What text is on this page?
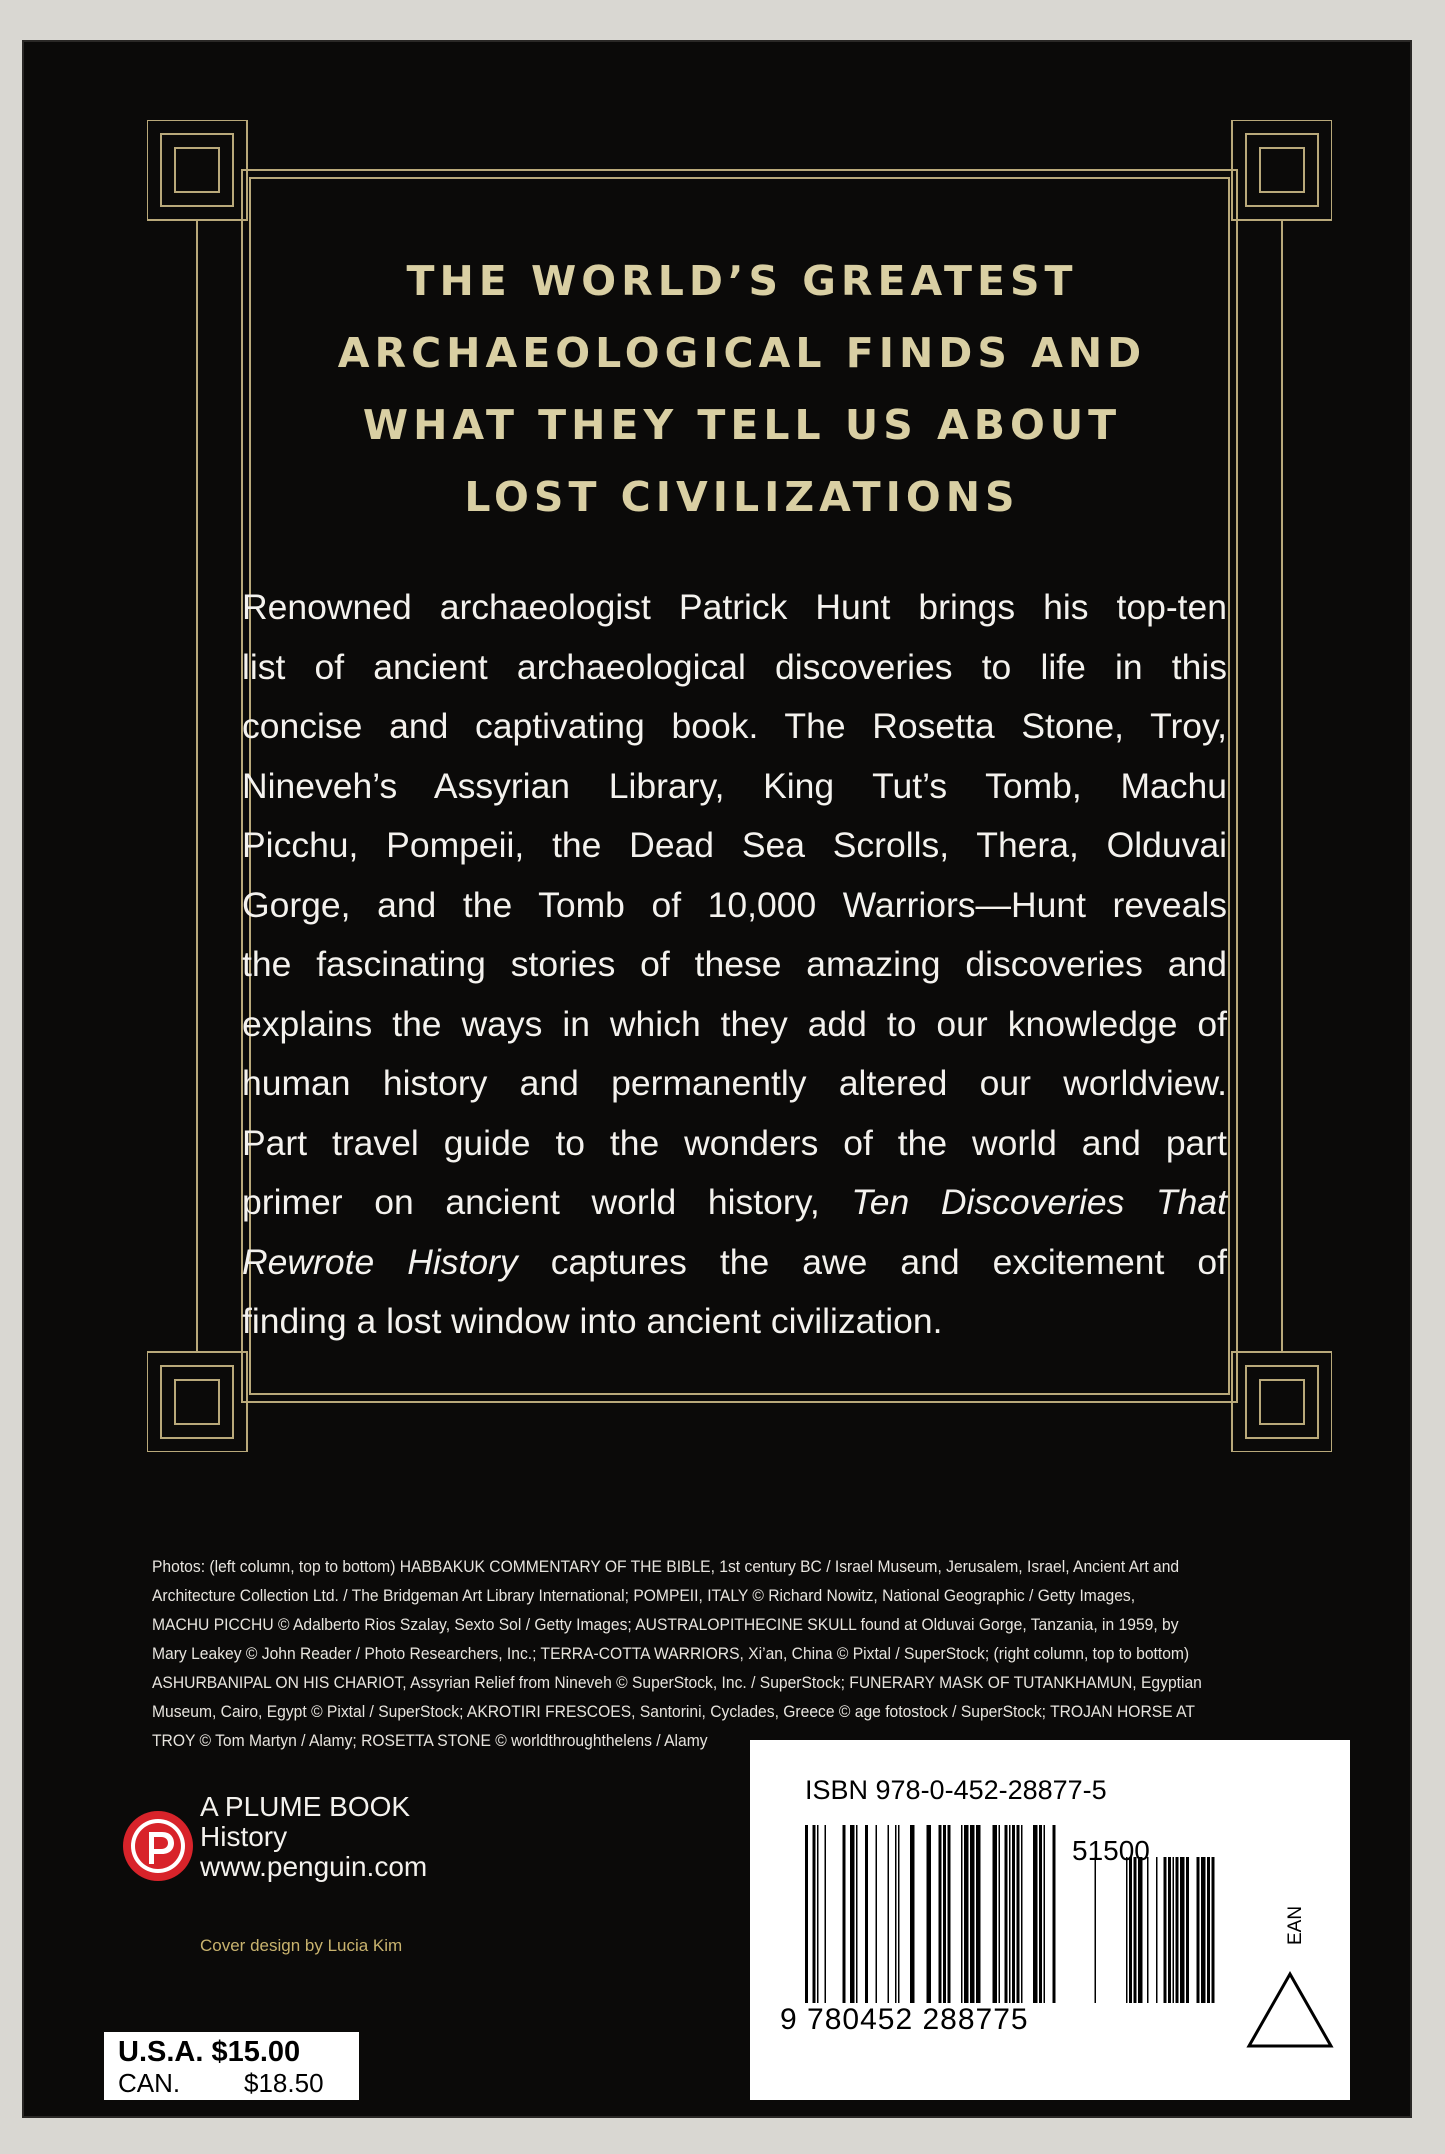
THE WORLD’S GREATEST
ARCHAEOLOGICAL FINDS AND
WHAT THEY TELL US ABOUT
LOST CIVILIZATIONS
Renowned archaeologist Patrick Hunt brings his top-ten
list of ancient archaeological discoveries to life in this
concise and captivating book. The Rosetta Stone, Troy,
Nineveh’s Assyrian Library, King Tut’s Tomb, Machu
Picchu, Pompeii, the Dead Sea Scrolls, Thera, Olduvai
Gorge, and the Tomb of 10,000 Warriors—Hunt reveals
the fascinating stories of these amazing discoveries and
explains the ways in which they add to our knowledge of
human history and permanently altered our worldview.
Part travel guide to the wonders of the world and part
primer on ancient world history, Ten Discoveries That
Rewrote History captures the awe and excitement of
finding a lost window into ancient civilization.
Photos: (left column, top to bottom) HABBAKUK COMMENTARY OF THE BIBLE, 1st century BC / Israel Museum, Jerusalem, Israel, Ancient Art and
Architecture Collection Ltd. / The Bridgeman Art Library International; POMPEII, ITALY © Richard Nowitz, National Geographic / Getty Images,
MACHU PICCHU © Adalberto Rios Szalay, Sexto Sol / Getty Images; AUSTRALOPITHECINE SKULL found at Olduvai Gorge, Tanzania, in 1959, by
Mary Leakey © John Reader / Photo Researchers, Inc.; TERRA-COTTA WARRIORS, Xi’an, China © Pixtal / SuperStock; (right column, top to bottom)
ASHURBANIPAL ON HIS CHARIOT, Assyrian Relief from Nineveh © SuperStock, Inc. / SuperStock; FUNERARY MASK OF TUTANKHAMUN, Egyptian
Museum, Cairo, Egypt © Pixtal / SuperStock; AKROTIRI FRESCOES, Santorini, Cyclades, Greece © age fotostock / SuperStock; TROJAN HORSE AT
TROY © Tom Martyn / Alamy; ROSETTA STONE © worldthroughthelens / Alamy
A PLUME BOOK
History
www.penguin.com
Cover design by Lucia Kim
U.S.A. $15.00
CAN. $18.50
ISBN 978-0-452-28877-5
51500
9 780452 288775
EAN
